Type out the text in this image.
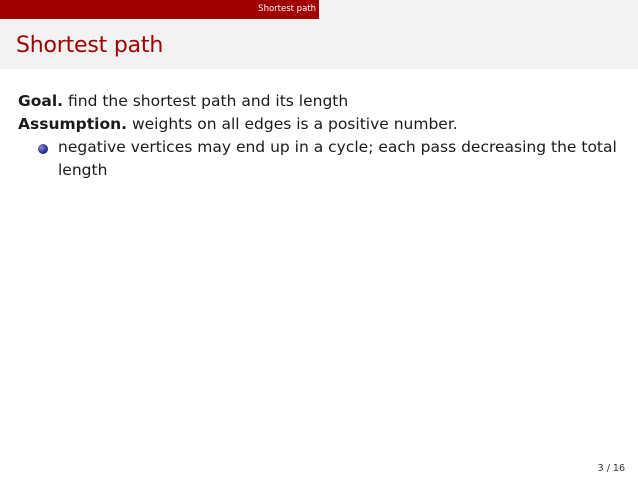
Shortest path
Shortest path
Goal. find the shortest path and its length
Assumption. weights on all edges is a positive number.
negative vertices may end up in a cycle; each pass decreasing the total length
3 / 16
